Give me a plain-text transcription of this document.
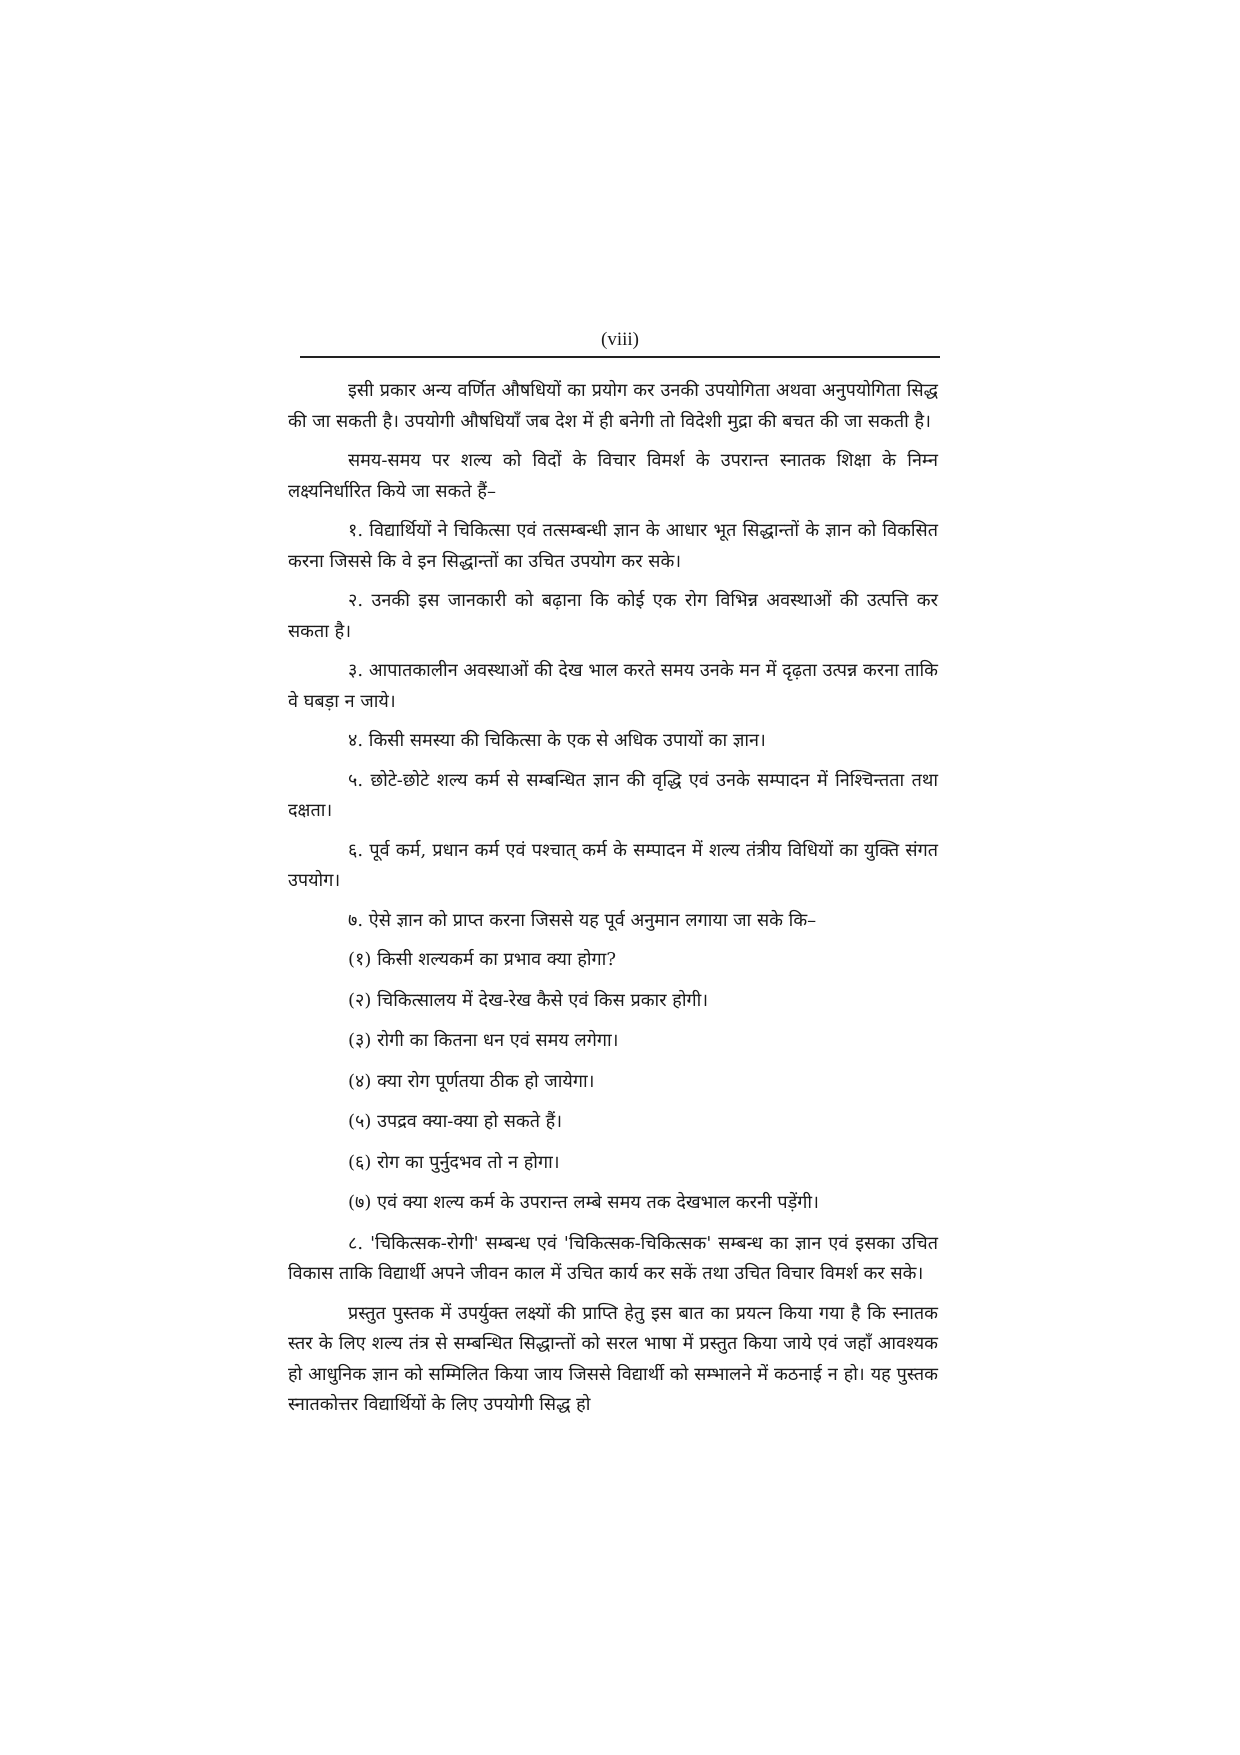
(viii)

इसी प्रकार अन्य वर्णित औषधियों का प्रयोग कर उनकी उपयोगिता अथवा अनुपयोगिता सिद्ध की जा सकती है। उपयोगी औषधियाँ जब देश में ही बनेगी तो विदेशी मुद्रा की बचत की जा सकती है।

समय-समय पर शल्य को विदों के विचार विमर्श के उपरान्त स्नातक शिक्षा के निम्न लक्ष्यनिर्धारित किये जा सकते हैं–

१. विद्यार्थियों ने चिकित्सा एवं तत्सम्बन्धी ज्ञान के आधार भूत सिद्धान्तों के ज्ञान को विकसित करना जिससे कि वे इन सिद्धान्तों का उचित उपयोग कर सके।

२. उनकी इस जानकारी को बढ़ाना कि कोई एक रोग विभिन्न अवस्थाओं की उत्पत्ति कर सकता है।

३. आपातकालीन अवस्थाओं की देख भाल करते समय उनके मन में दृढ़ता उत्पन्न करना ताकि वे घबड़ा न जाये।

४. किसी समस्या की चिकित्सा के एक से अधिक उपायों का ज्ञान।

५. छोटे-छोटे शल्य कर्म से सम्बन्धित ज्ञान की वृद्धि एवं उनके सम्पादन में निश्चिन्तता तथा दक्षता।

६. पूर्व कर्म, प्रधान कर्म एवं पश्चात् कर्म के सम्पादन में शल्य तंत्रीय विधियों का युक्ति संगत उपयोग।

७. ऐसे ज्ञान को प्राप्त करना जिससे यह पूर्व अनुमान लगाया जा सके कि–

(१) किसी शल्यकर्म का प्रभाव क्या होगा?

(२) चिकित्सालय में देख-रेख कैसे एवं किस प्रकार होगी।

(३) रोगी का कितना धन एवं समय लगेगा।

(४) क्या रोग पूर्णतया ठीक हो जायेगा।

(५) उपद्रव क्या-क्या हो सकते हैं।

(६) रोग का पुर्नुदभव तो न होगा।

(७) एवं क्या शल्य कर्म के उपरान्त लम्बे समय तक देखभाल करनी पड़ेंगी।

८. 'चिकित्सक-रोगी' सम्बन्ध एवं 'चिकित्सक-चिकित्सक' सम्बन्ध का ज्ञान एवं इसका उचित विकास ताकि विद्यार्थी अपने जीवन काल में उचित कार्य कर सकें तथा उचित विचार विमर्श कर सके।

प्रस्तुत पुस्तक में उपर्युक्त लक्ष्यों की प्राप्ति हेतु इस बात का प्रयत्न किया गया है कि स्नातक स्तर के लिए शल्य तंत्र से सम्बन्धित सिद्धान्तों को सरल भाषा में प्रस्तुत किया जाये एवं जहाँ आवश्यक हो आधुनिक ज्ञान को सम्मिलित किया जाय जिससे विद्यार्थी को सम्भालने में कठनाई न हो। यह पुस्तक स्नातकोत्तर विद्यार्थियों के लिए उपयोगी सिद्ध हो
